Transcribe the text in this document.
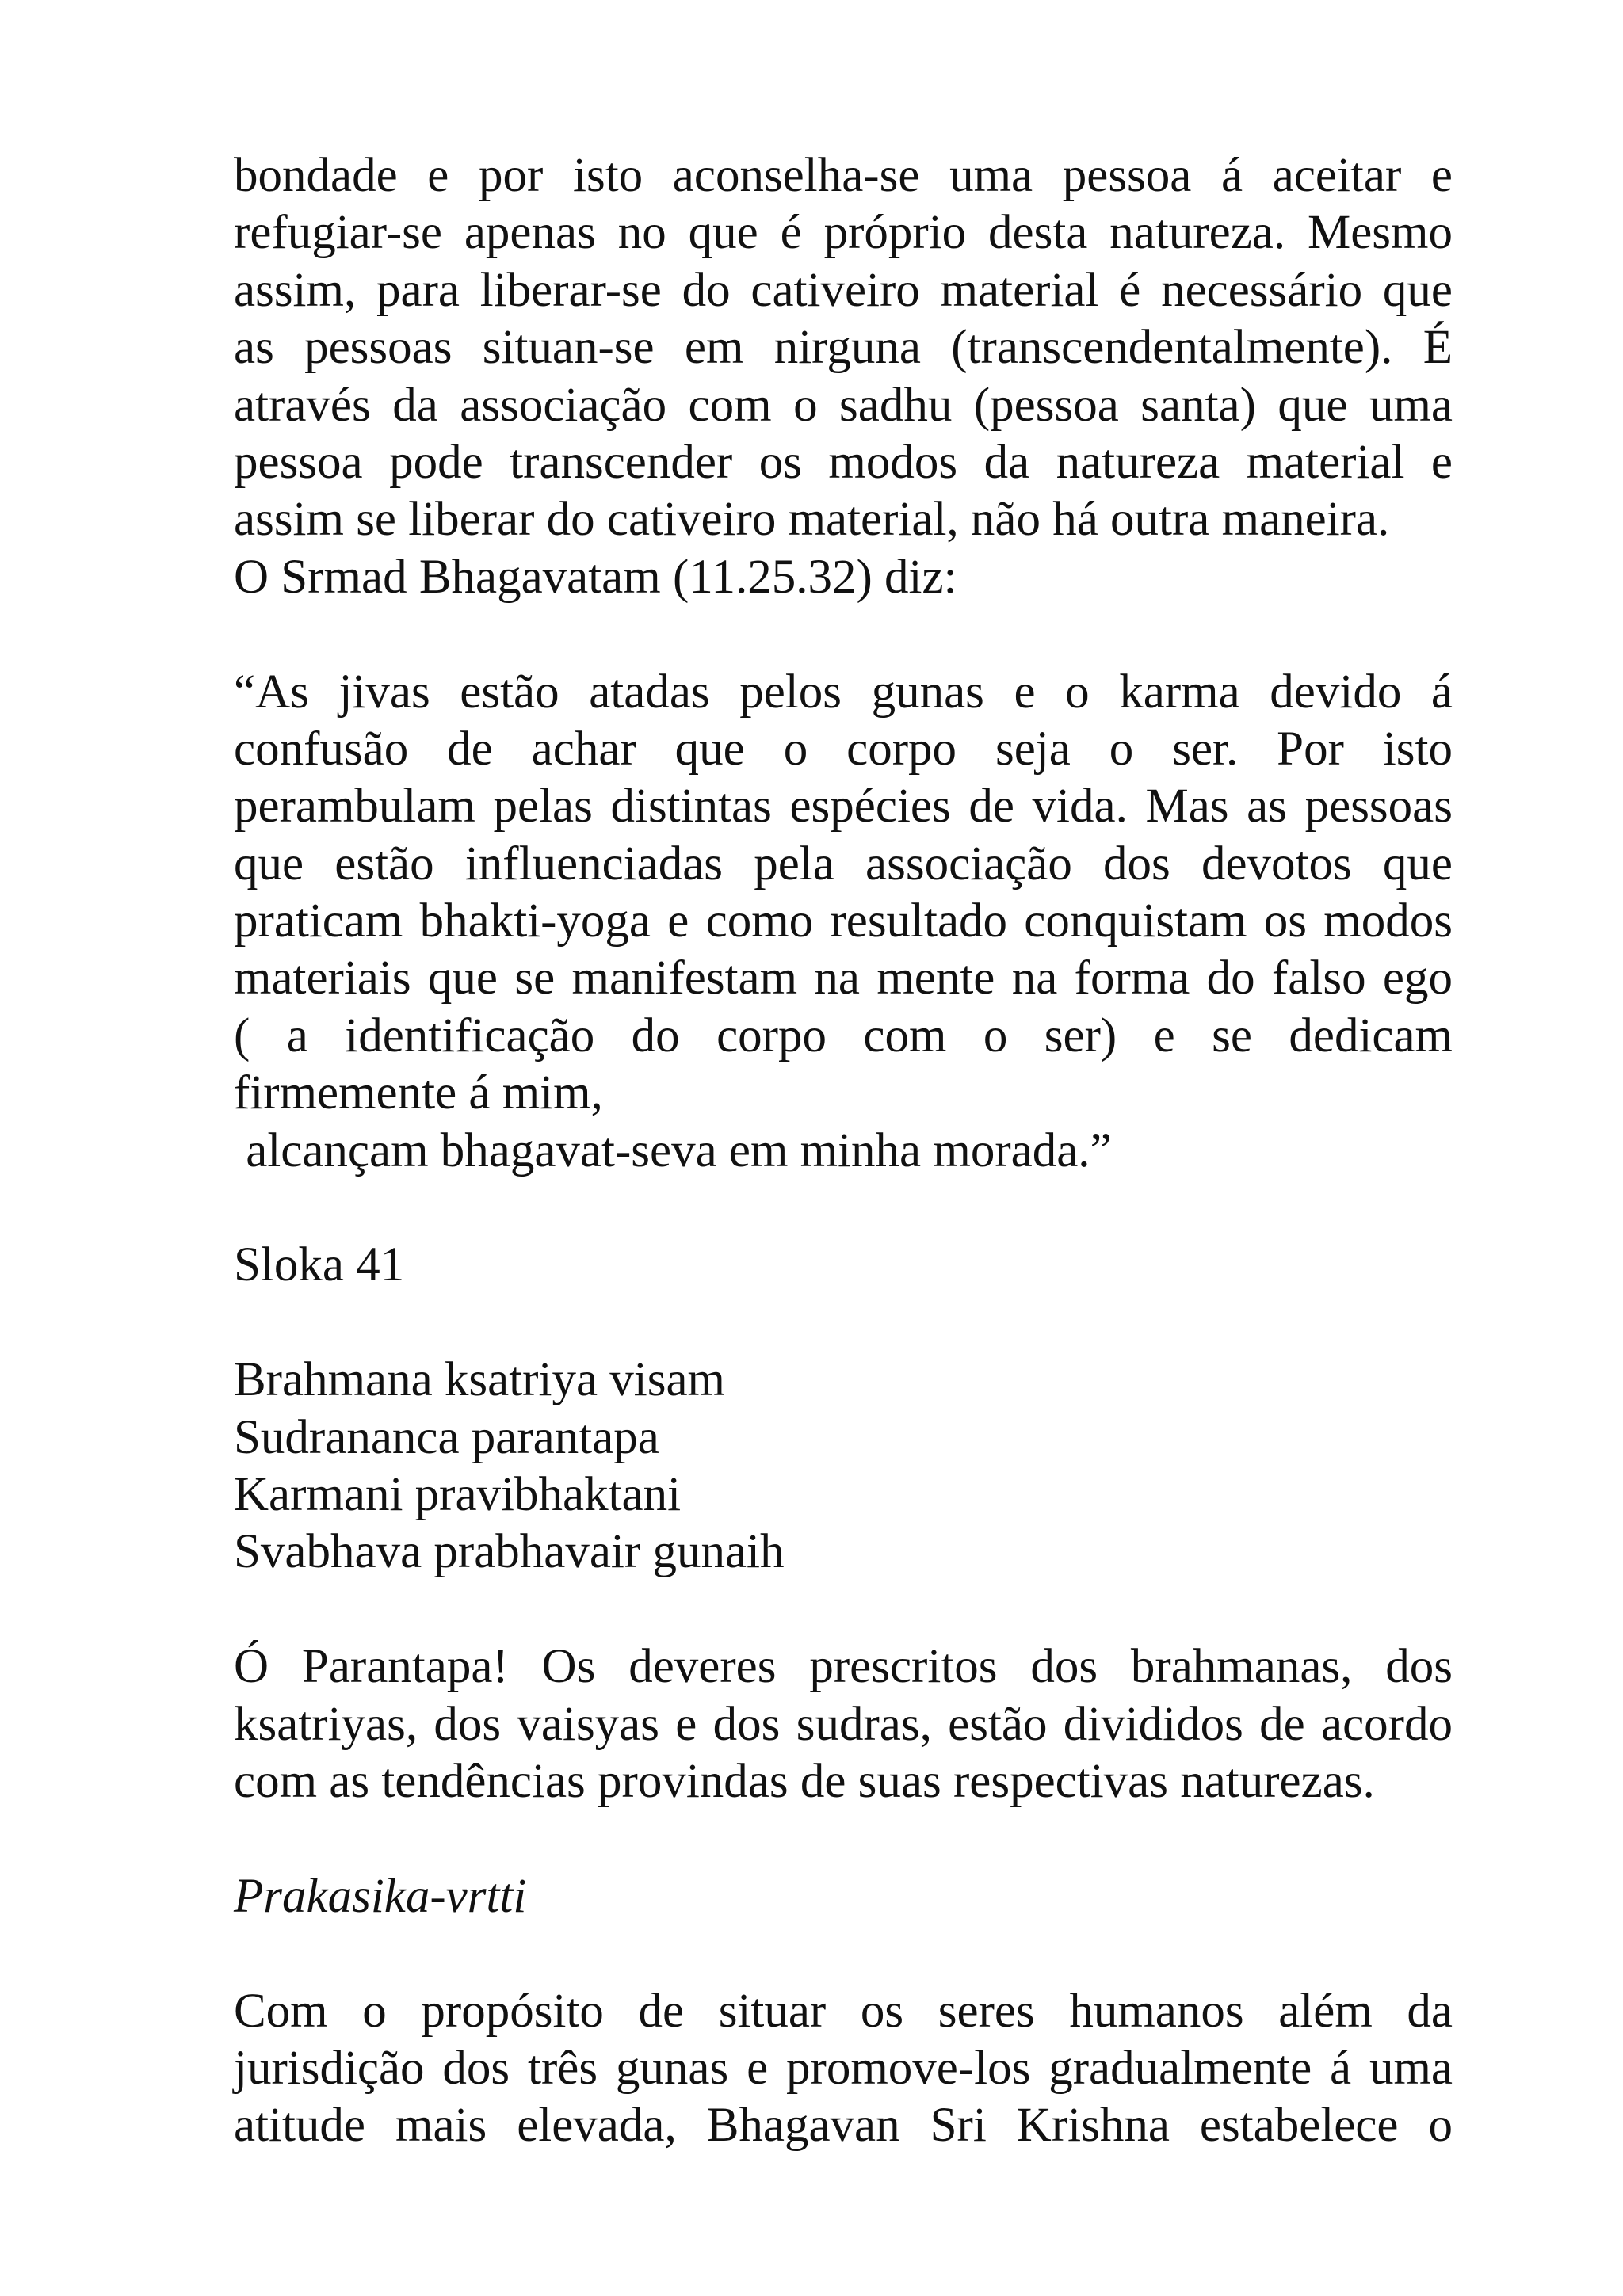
bondade e por isto aconselha-se uma pessoa á aceitar e
refugiar-se apenas no que é próprio desta natureza. Mesmo
assim, para liberar-se do cativeiro material é necessário que
as pessoas situan-se em nirguna (transcendentalmente). É
através da associação com o sadhu (pessoa santa) que uma
pessoa pode transcender os modos da natureza material e
assim se liberar do cativeiro material, não há outra maneira.
O Srmad Bhagavatam (11.25.32) diz:
“As jivas estão atadas pelos gunas e o karma devido á
confusão de achar que o corpo seja o ser. Por isto
perambulam pelas distintas espécies de vida. Mas as pessoas
que estão influenciadas pela associação dos devotos que
praticam bhakti-yoga e como resultado conquistam os modos
materiais que se manifestam na mente na forma do falso ego
( a identificação do corpo com o ser) e se dedicam
firmemente á mim,
alcançam bhagavat-seva em minha morada.”
Sloka 41
Brahmana ksatriya visam
Sudrananca parantapa
Karmani pravibhaktani
Svabhava prabhavair gunaih
Ó Parantapa! Os deveres prescritos dos brahmanas, dos
ksatriyas, dos vaisyas e dos sudras, estão divididos de acordo
com as tendências provindas de suas respectivas naturezas.
Prakasika-vrtti
Com o propósito de situar os seres humanos além da
jurisdição dos três gunas e promove-los gradualmente á uma
atitude mais elevada, Bhagavan Sri Krishna estabelece o
